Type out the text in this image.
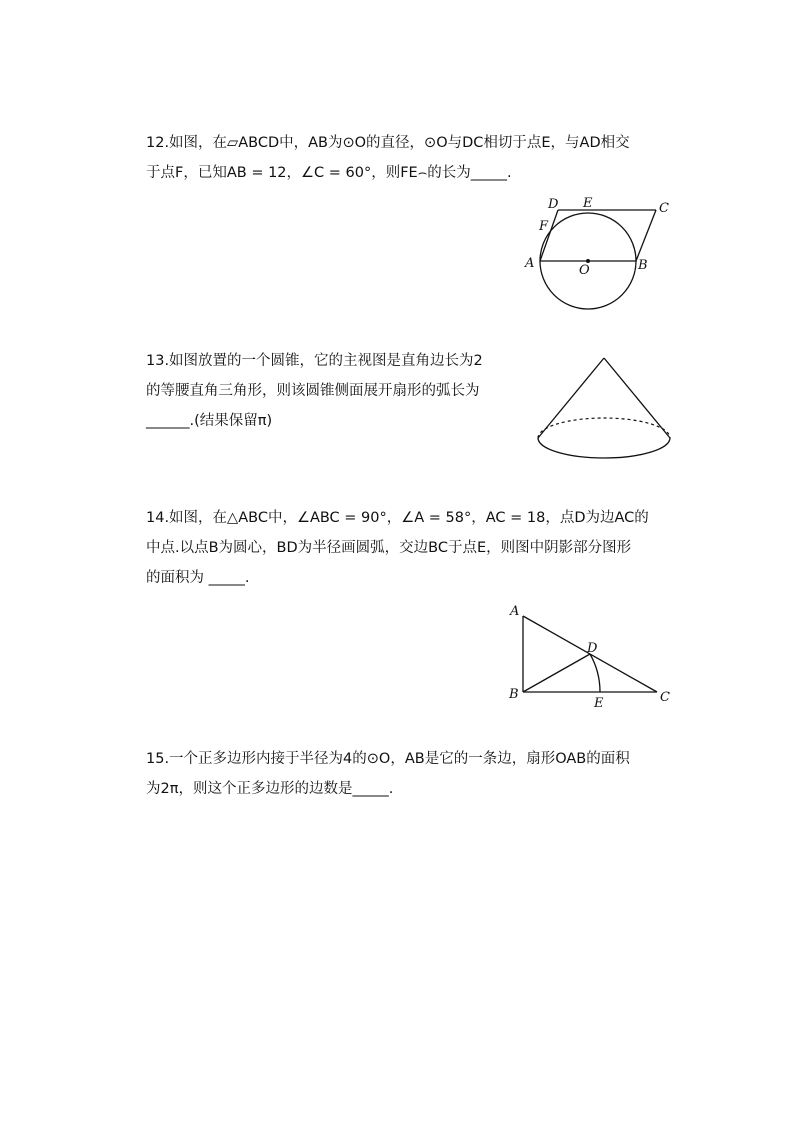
12.如图，在▱ABCD中，AB为⊙O的直径，⊙O与DC相切于点E，与AD相交
于点F，已知AB = 12，∠C = 60°，则FE⌢的长为_____.
D E	C
F
A	O	B
13.如图放置的一个圆锥，它的主视图是直角边长为2
的等腰直角三角形，则该圆锥侧面展开扇形的弧长为
______.(结果保留π)
14.如图，在△ABC中，∠ABC = 90°，∠A = 58°，AC = 18，点D为边AC的
中点.以点B为圆心，BD为半径画圆弧，交边BC于点E，则图中阴影部分图形
的面积为 _____.
A
D
B
E	C
15.一个正多边形内接于半径为4的⊙O，AB是它的一条边，扇形OAB的面积
为2π，则这个正多边形的边数是_____.
